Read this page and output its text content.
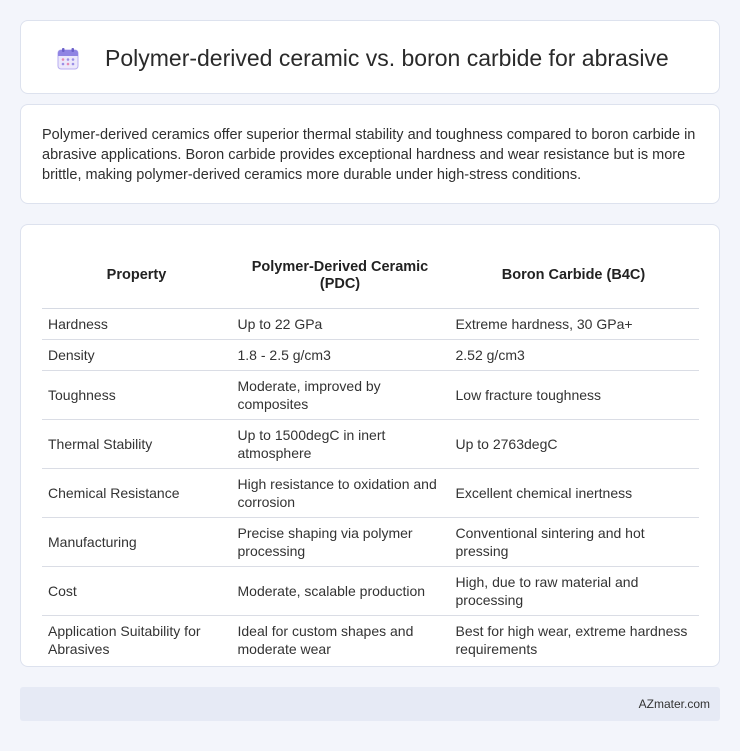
Polymer-derived ceramic vs. boron carbide for abrasive

Polymer-derived ceramics offer superior thermal stability and toughness compared to boron carbide in abrasive applications. Boron carbide provides exceptional hardness and wear resistance but is more brittle, making polymer-derived ceramics more durable under high-stress conditions.

Property	Polymer-Derived Ceramic (PDC)	Boron Carbide (B4C)
Hardness	Up to 22 GPa	Extreme hardness, 30 GPa+
Density	1.8 - 2.5 g/cm3	2.52 g/cm3
Toughness	Moderate, improved by composites	Low fracture toughness
Thermal Stability	Up to 1500degC in inert atmosphere	Up to 2763degC
Chemical Resistance	High resistance to oxidation and corrosion	Excellent chemical inertness
Manufacturing	Precise shaping via polymer processing	Conventional sintering and hot pressing
Cost	Moderate, scalable production	High, due to raw material and processing
Application Suitability for Abrasives	Ideal for custom shapes and moderate wear	Best for high wear, extreme hardness requirements
AZmater.com
